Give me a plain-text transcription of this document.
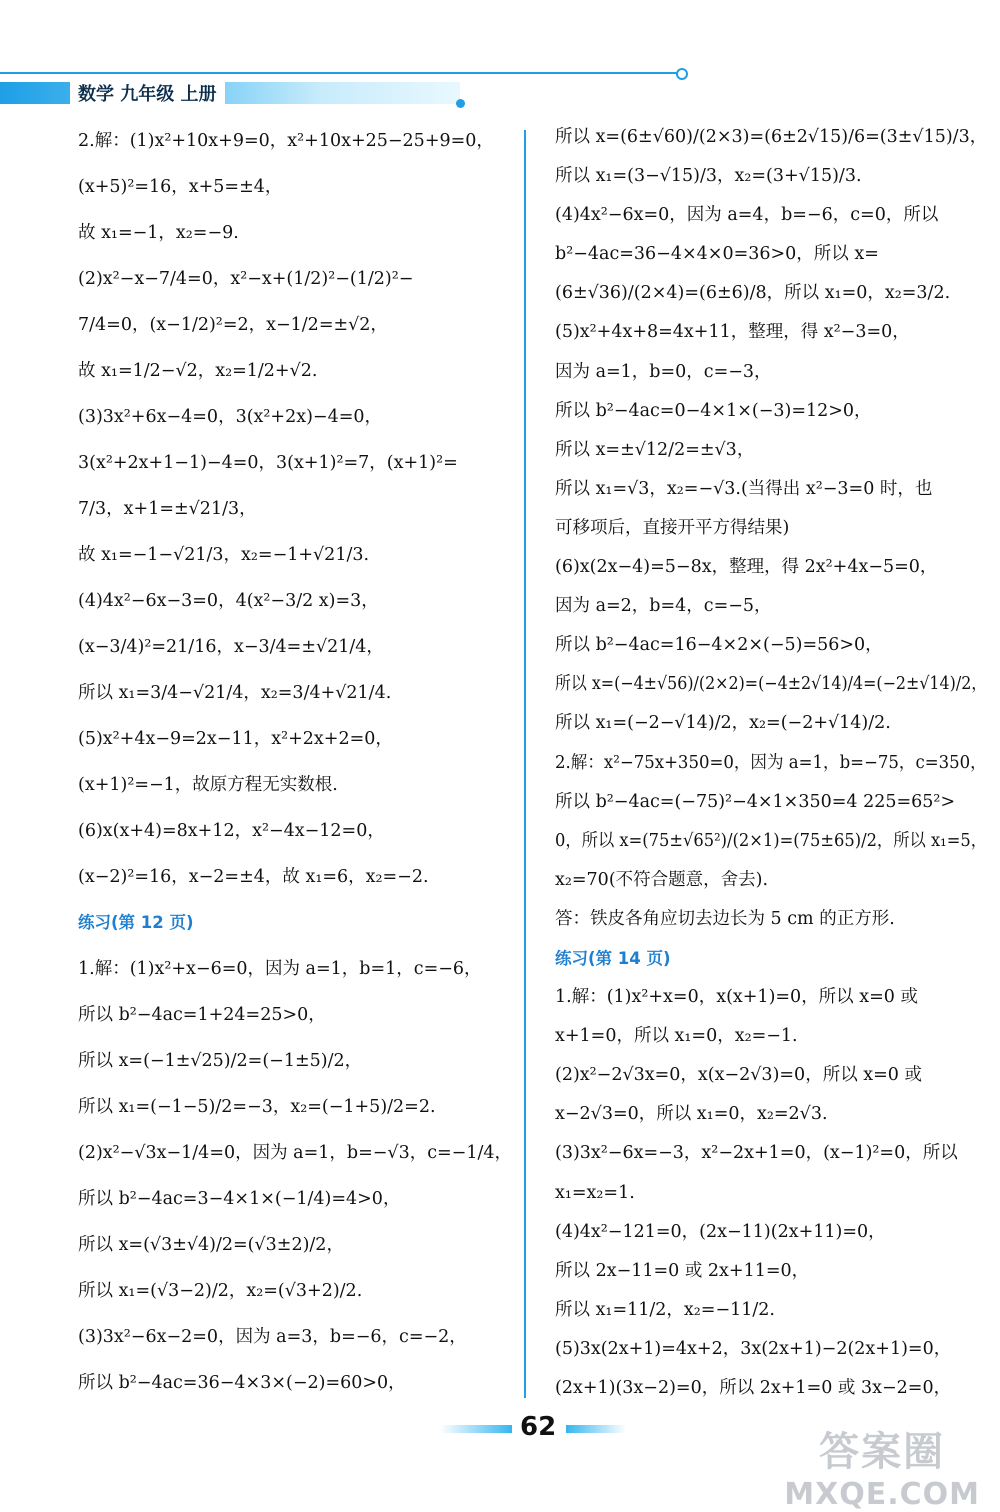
数学 九年级 上册
2.解：(1)x²+10x+9=0，x²+10x+25−25+9=0，
(x+5)²=16，x+5=±4，
故 x₁=−1，x₂=−9.
(2)x²−x−7/4=0，x²−x+(1/2)²−(1/2)²−
7/4=0，(x−1/2)²=2，x−1/2=±√2，
故 x₁=1/2−√2，x₂=1/2+√2.
(3)3x²+6x−4=0，3(x²+2x)−4=0，
3(x²+2x+1−1)−4=0，3(x+1)²=7，(x+1)²=
7/3，x+1=±√21/3，
故 x₁=−1−√21/3，x₂=−1+√21/3.
(4)4x²−6x−3=0，4(x²−3/2 x)=3，
(x−3/4)²=21/16，x−3/4=±√21/4，
所以 x₁=3/4−√21/4，x₂=3/4+√21/4.
(5)x²+4x−9=2x−11，x²+2x+2=0，
(x+1)²=−1，故原方程无实数根.
(6)x(x+4)=8x+12，x²−4x−12=0，
(x−2)²=16，x−2=±4，故 x₁=6，x₂=−2.
练习(第 12 页)
1.解：(1)x²+x−6=0，因为 a=1，b=1，c=−6，
所以 b²−4ac=1+24=25>0，
所以 x=(−1±√25)/2=(−1±5)/2，
所以 x₁=(−1−5)/2=−3，x₂=(−1+5)/2=2.
(2)x²−√3x−1/4=0，因为 a=1，b=−√3，c=−1/4，
所以 b²−4ac=3−4×1×(−1/4)=4>0，
所以 x=(√3±√4)/2=(√3±2)/2，
所以 x₁=(√3−2)/2，x₂=(√3+2)/2.
(3)3x²−6x−2=0，因为 a=3，b=−6，c=−2，
所以 b²−4ac=36−4×3×(−2)=60>0，
所以 x=(6±√60)/(2×3)=(6±2√15)/6=(3±√15)/3，
所以 x₁=(3−√15)/3，x₂=(3+√15)/3.
(4)4x²−6x=0，因为 a=4，b=−6，c=0，所以
b²−4ac=36−4×4×0=36>0，所以 x=
(6±√36)/(2×4)=(6±6)/8，所以 x₁=0，x₂=3/2.
(5)x²+4x+8=4x+11，整理，得 x²−3=0，
因为 a=1，b=0，c=−3，
所以 b²−4ac=0−4×1×(−3)=12>0，
所以 x=±√12/2=±√3，
所以 x₁=√3，x₂=−√3.(当得出 x²−3=0 时，也
可移项后，直接开平方得结果)
(6)x(2x−4)=5−8x，整理，得 2x²+4x−5=0，
因为 a=2，b=4，c=−5，
所以 b²−4ac=16−4×2×(−5)=56>0，
所以 x=(−4±√56)/(2×2)=(−4±2√14)/4=(−2±√14)/2，
所以 x₁=(−2−√14)/2，x₂=(−2+√14)/2.
2.解：x²−75x+350=0，因为 a=1，b=−75，c=350，
所以 b²−4ac=(−75)²−4×1×350=4 225=65²>
0，所以 x=(75±√65²)/(2×1)=(75±65)/2，所以 x₁=5，
x₂=70(不符合题意，舍去).
答：铁皮各角应切去边长为 5 cm 的正方形.
练习(第 14 页)
1.解：(1)x²+x=0，x(x+1)=0，所以 x=0 或
x+1=0，所以 x₁=0，x₂=−1.
(2)x²−2√3x=0，x(x−2√3)=0，所以 x=0 或
x−2√3=0，所以 x₁=0，x₂=2√3.
(3)3x²−6x=−3，x²−2x+1=0，(x−1)²=0，所以
x₁=x₂=1.
(4)4x²−121=0，(2x−11)(2x+11)=0，
所以 2x−11=0 或 2x+11=0，
所以 x₁=11/2，x₂=−11/2.
(5)3x(2x+1)=4x+2，3x(2x+1)−2(2x+1)=0，
(2x+1)(3x−2)=0，所以 2x+1=0 或 3x−2=0，
62
答案圈
MXQE.COM
